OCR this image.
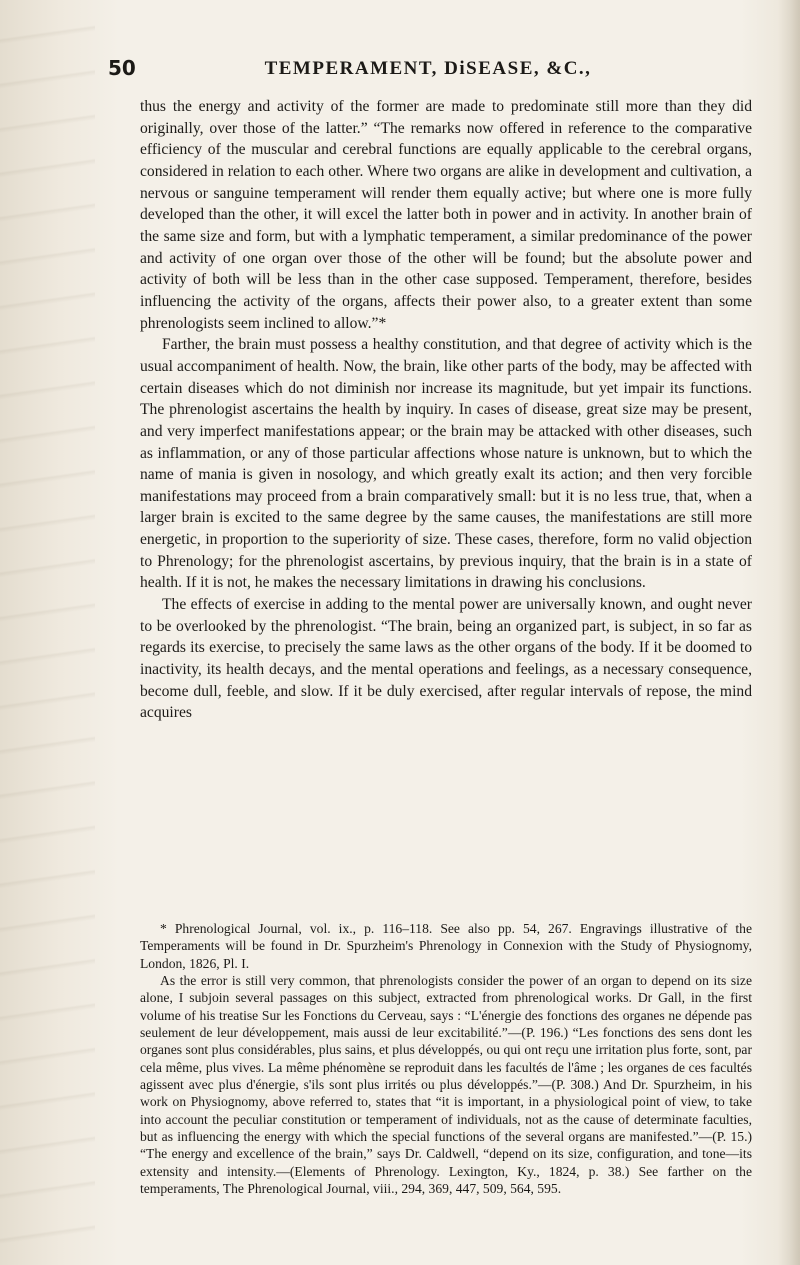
50	TEMPERAMENT, DiSEASE, &C.,

thus the energy and activity of the former are made to predominate still more than they did originally, over those of the latter.” “The remarks now offered in reference to the comparative efficiency of the muscular and cerebral functions are equally applicable to the cerebral organs, considered in relation to each other. Where two organs are alike in development and cultivation, a nervous or sanguine temperament will render them equally active; but where one is more fully developed than the other, it will excel the latter both in power and in activity. In another brain of the same size and form, but with a lymphatic temperament, a similar predominance of the power and activity of one organ over those of the other will be found; but the absolute power and activity of both will be less than in the other case supposed. Temperament, therefore, besides influencing the activity of the organs, affects their power also, to a greater extent than some phrenologists seem inclined to allow.”*

Farther, the brain must possess a healthy constitution, and that degree of activity which is the usual accompaniment of health. Now, the brain, like other parts of the body, may be affected with certain diseases which do not diminish nor increase its magnitude, but yet impair its functions. The phrenologist ascertains the health by inquiry. In cases of disease, great size may be present, and very imperfect manifestations appear; or the brain may be attacked with other diseases, such as inflammation, or any of those particular affections whose nature is unknown, but to which the name of mania is given in nosology, and which greatly exalt its action; and then very forcible manifestations may proceed from a brain comparatively small: but it is no less true, that, when a larger brain is excited to the same degree by the same causes, the manifestations are still more energetic, in proportion to the superiority of size. These cases, therefore, form no valid objection to Phrenology; for the phrenologist ascertains, by previous inquiry, that the brain is in a state of health. If it is not, he makes the necessary limitations in drawing his conclusions.

The effects of exercise in adding to the mental power are universally known, and ought never to be overlooked by the phrenologist. “The brain, being an organized part, is subject, in so far as regards its exercise, to precisely the same laws as the other organs of the body. If it be doomed to inactivity, its health decays, and the mental operations and feelings, as a necessary consequence, become dull, feeble, and slow. If it be duly exercised, after regular intervals of repose, the mind acquires

* Phrenological Journal, vol. ix., p. 116–118. See also pp. 54, 267. Engravings illustrative of the Temperaments will be found in Dr. Spurzheim's Phrenology in Connexion with the Study of Physiognomy, London, 1826, Pl. I.

As the error is still very common, that phrenologists consider the power of an organ to depend on its size alone, I subjoin several passages on this subject, extracted from phrenological works. Dr Gall, in the first volume of his treatise Sur les Fonctions du Cerveau, says : “L'énergie des fonctions des organes ne dépende pas seulement de leur développement, mais aussi de leur excitabilité.”—(P. 196.) “Les fonctions des sens dont les organes sont plus considérables, plus sains, et plus développés, ou qui ont reçu une irritation plus forte, sont, par cela même, plus vives. La même phénomène se reproduit dans les facultés de l'âme ; les organes de ces facultés agissent avec plus d'énergie, s'ils sont plus irrités ou plus développés.”—(P. 308.) And Dr. Spurzheim, in his work on Physiognomy, above referred to, states that “it is important, in a physiological point of view, to take into account the peculiar constitution or temperament of individuals, not as the cause of determinate faculties, but as influencing the energy with which the special functions of the several organs are manifested.”—(P. 15.) “The energy and excellence of the brain,” says Dr. Caldwell, “depend on its size, configuration, and tone—its extensity and intensity.—(Elements of Phrenology. Lexington, Ky., 1824, p. 38.) See farther on the temperaments, The Phrenological Journal, viii., 294, 369, 447, 509, 564, 595.
